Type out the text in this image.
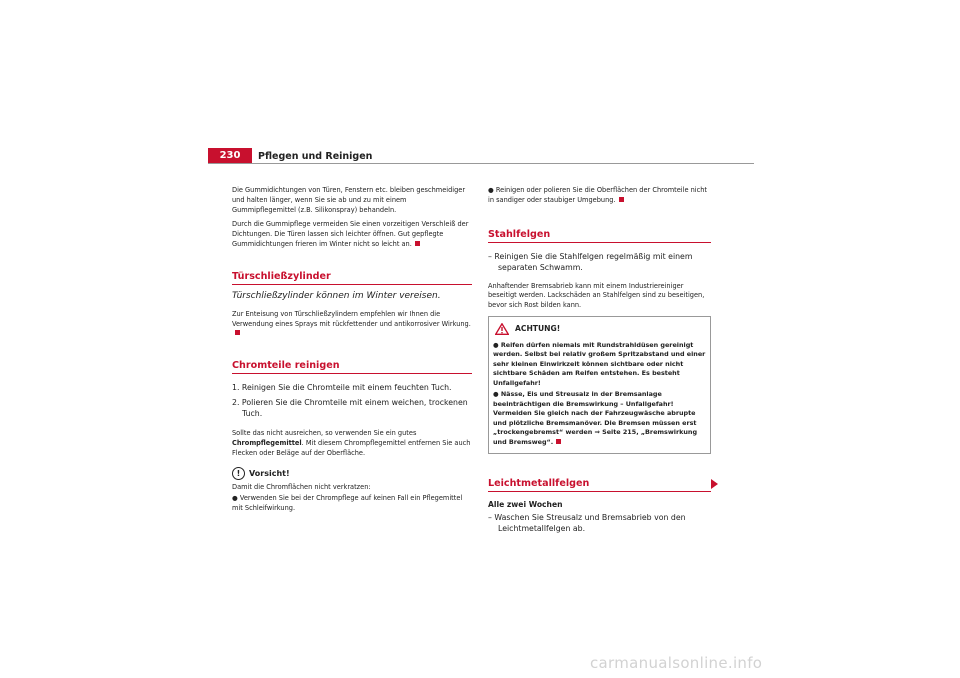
230	Pflegen und Reinigen

Die Gummidichtungen von Türen, Fenstern etc. bleiben geschmeidiger und halten länger, wenn Sie sie ab und zu mit einem Gummipflegemittel (z.B. Silikonspray) behandeln.

Durch die Gummipflege vermeiden Sie einen vorzeitigen Verschleiß der Dichtungen. Die Türen lassen sich leichter öffnen. Gut gepflegte Gummidichtungen frieren im Winter nicht so leicht an.

Türschließzylinder
Türschließzylinder können im Winter vereisen.

Zur Enteisung von Türschließzylindern empfehlen wir Ihnen die Verwendung eines Sprays mit rückfettender und antikorrosiver Wirkung.

Chromteile reinigen
1. Reinigen Sie die Chromteile mit einem feuchten Tuch.
2. Polieren Sie die Chromteile mit einem weichen, trockenen Tuch.

Sollte das nicht ausreichen, so verwenden Sie ein gutes Chrompflegemittel. Mit diesem Chrompflegemittel entfernen Sie auch Flecken oder Beläge auf der Oberfläche.

!	Vorsicht!

Damit die Chromflächen nicht verkratzen:

● Verwenden Sie bei der Chrompflege auf keinen Fall ein Pflegemittel mit Schleifwirkung.

● Reinigen oder polieren Sie die Oberflächen der Chromteile nicht in sandiger oder staubiger Umgebung.

Stahlfelgen
– Reinigen Sie die Stahlfelgen regelmäßig mit einem separaten Schwamm.

Anhaftender Bremsabrieb kann mit einem Industriereiniger beseitigt werden. Lackschäden an Stahlfelgen sind zu beseitigen, bevor sich Rost bilden kann.

ACHTUNG!

● Reifen dürfen niemals mit Rundstrahldüsen gereinigt werden. Selbst bei relativ großem Spritzabstand und einer sehr kleinen Einwirkzeit können sichtbare oder nicht sichtbare Schäden am Reifen entstehen. Es besteht Unfallgefahr!

● Nässe, Eis und Streusalz in der Bremsanlage beeinträchtigen die Bremswirkung – Unfallgefahr! Vermeiden Sie gleich nach der Fahrzeugwäsche abrupte und plötzliche Bremsmanöver. Die Bremsen müssen erst „trockengebremst“ werden ⇒ Seite 215, „Bremswirkung und Bremsweg“.

Leichtmetallfelgen
Alle zwei Wochen
– Waschen Sie Streusalz und Bremsabrieb von den Leichtmetallfelgen ab.
carmanualsonline.info
